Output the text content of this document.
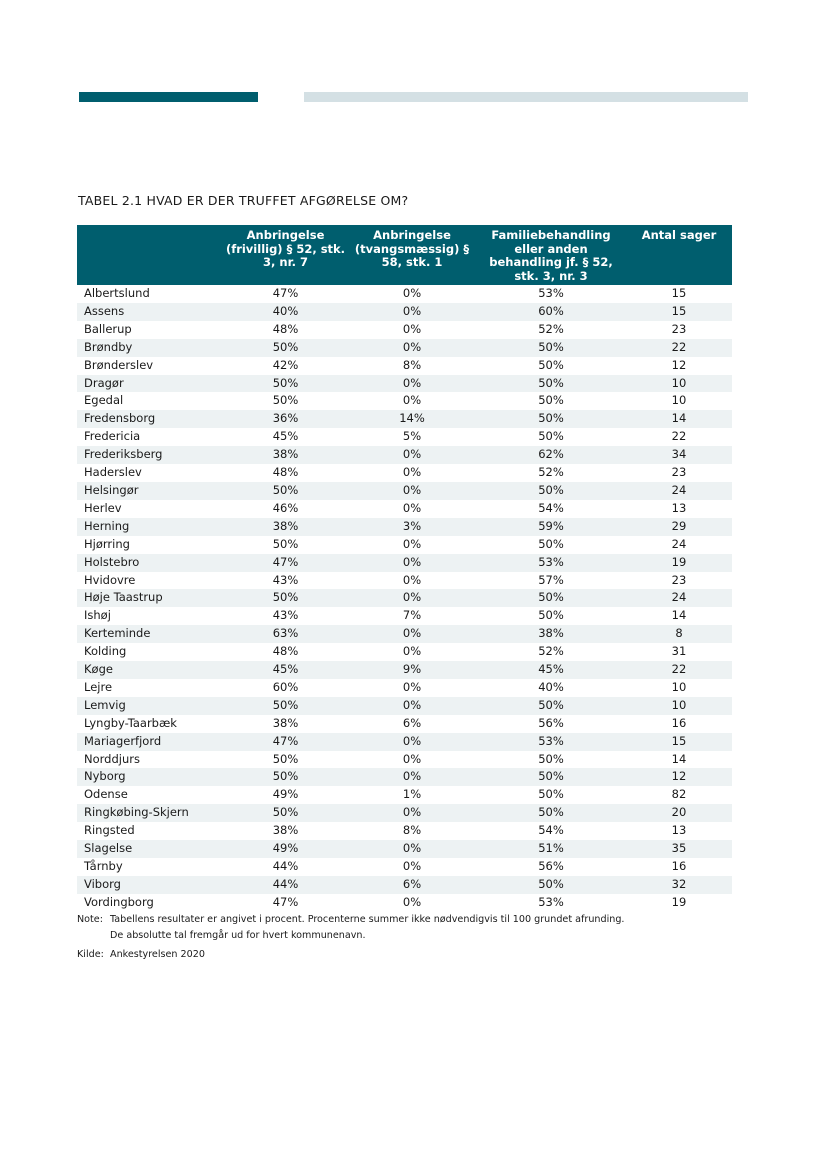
TABEL 2.1 HVAD ER DER TRUFFET AFGØRELSE OM?
	Anbringelse (frivillig) § 52, stk. 3, nr. 7	Anbringelse (tvangsmæssig) § 58, stk. 1	Familiebehandling eller anden behandling jf. § 52, stk. 3, nr. 3	Antal sager
Albertslund	47%	0%	53%	15
Assens	40%	0%	60%	15
Ballerup	48%	0%	52%	23
Brøndby	50%	0%	50%	22
Brønderslev	42%	8%	50%	12
Dragør	50%	0%	50%	10
Egedal	50%	0%	50%	10
Fredensborg	36%	14%	50%	14
Fredericia	45%	5%	50%	22
Frederiksberg	38%	0%	62%	34
Haderslev	48%	0%	52%	23
Helsingør	50%	0%	50%	24
Herlev	46%	0%	54%	13
Herning	38%	3%	59%	29
Hjørring	50%	0%	50%	24
Holstebro	47%	0%	53%	19
Hvidovre	43%	0%	57%	23
Høje Taastrup	50%	0%	50%	24
Ishøj	43%	7%	50%	14
Kerteminde	63%	0%	38%	8
Kolding	48%	0%	52%	31
Køge	45%	9%	45%	22
Lejre	60%	0%	40%	10
Lemvig	50%	0%	50%	10
Lyngby-Taarbæk	38%	6%	56%	16
Mariagerfjord	47%	0%	53%	15
Norddjurs	50%	0%	50%	14
Nyborg	50%	0%	50%	12
Odense	49%	1%	50%	82
Ringkøbing-Skjern	50%	0%	50%	20
Ringsted	38%	8%	54%	13
Slagelse	49%	0%	51%	35
Tårnby	44%	0%	56%	16
Viborg	44%	6%	50%	32
Vordingborg	47%	0%	53%	19
Note: Tabellens resultater er angivet i procent. Procenterne summer ikke nødvendigvis til 100 grundet afrunding.
De absolutte tal fremgår ud for hvert kommunenavn.
Kilde: Ankestyrelsen 2020
